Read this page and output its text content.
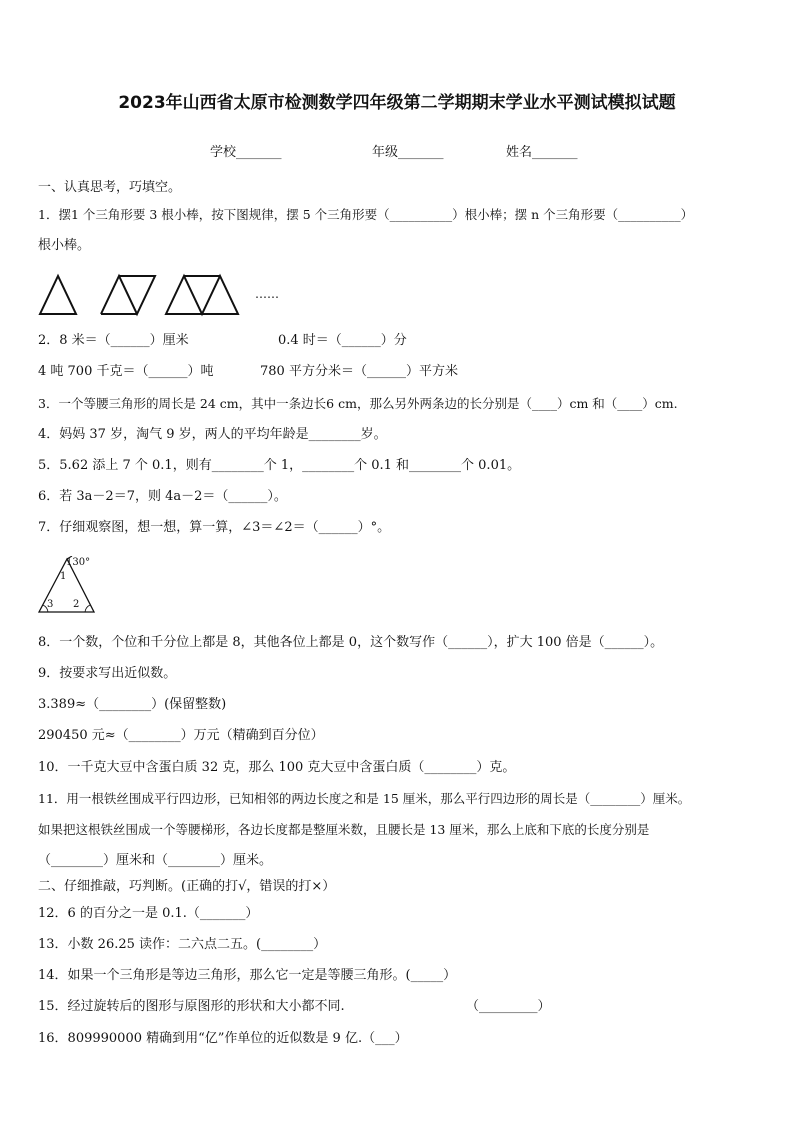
2023年山西省太原市检测数学四年级第二学期期末学业水平测试模拟试题
学校_______	年级_______	姓名_______
一、认真思考，巧填空。
1．摆1 个三角形要 3 根小棒，按下图规律，摆 5 个三角形要（__________）根小棒；摆 n 个三角形要（__________）
根小棒。
……
2．8 米＝（______）厘米	0.4 时＝（______）分
4 吨 700 千克＝（______）吨	780 平方分米＝（______）平方米
3．一个等腰三角形的周长是 24 cm，其中一条边长6 cm，那么另外两条边的长分别是（____）cm 和（____）cm.
4．妈妈 37 岁，淘气 9 岁，两人的平均年龄是________岁。
5．5.62 添上 7 个 0.1，则有________个 1，________个 0.1 和________个 0.01。
6．若 3a－2＝7，则 4a－2＝（______）。
7．仔细观察图，想一想，算一算，∠3＝∠2＝（______）°。
130°
1
2
3
8．一个数，个位和千分位上都是 8，其他各位上都是 0，这个数写作（______），扩大 100 倍是（______）。
9．按要求写出近似数。
3.389≈（________）(保留整数)
290450 元≈（________）万元（精确到百分位）
10．一千克大豆中含蛋白质 32 克，那么 100 克大豆中含蛋白质（________）克。
11．用一根铁丝围成平行四边形，已知相邻的两边长度之和是 15 厘米，那么平行四边形的周长是（________）厘米。
如果把这根铁丝围成一个等腰梯形，各边长度都是整厘米数，且腰长是 13 厘米，那么上底和下底的长度分别是
（________）厘米和（________）厘米。
二、仔细推敲，巧判断。(正确的打√，错误的打×）
12．6 的百分之一是 0.1.（_______）
13．小数 26.25 读作：二六点二五。(________）
14．如果一个三角形是等边三角形，那么它一定是等腰三角形。(_____）
15．经过旋转后的图形与原图形的形状和大小都不同.	（_________）
16．809990000 精确到用“亿”作单位的近似数是 9 亿.（___）
